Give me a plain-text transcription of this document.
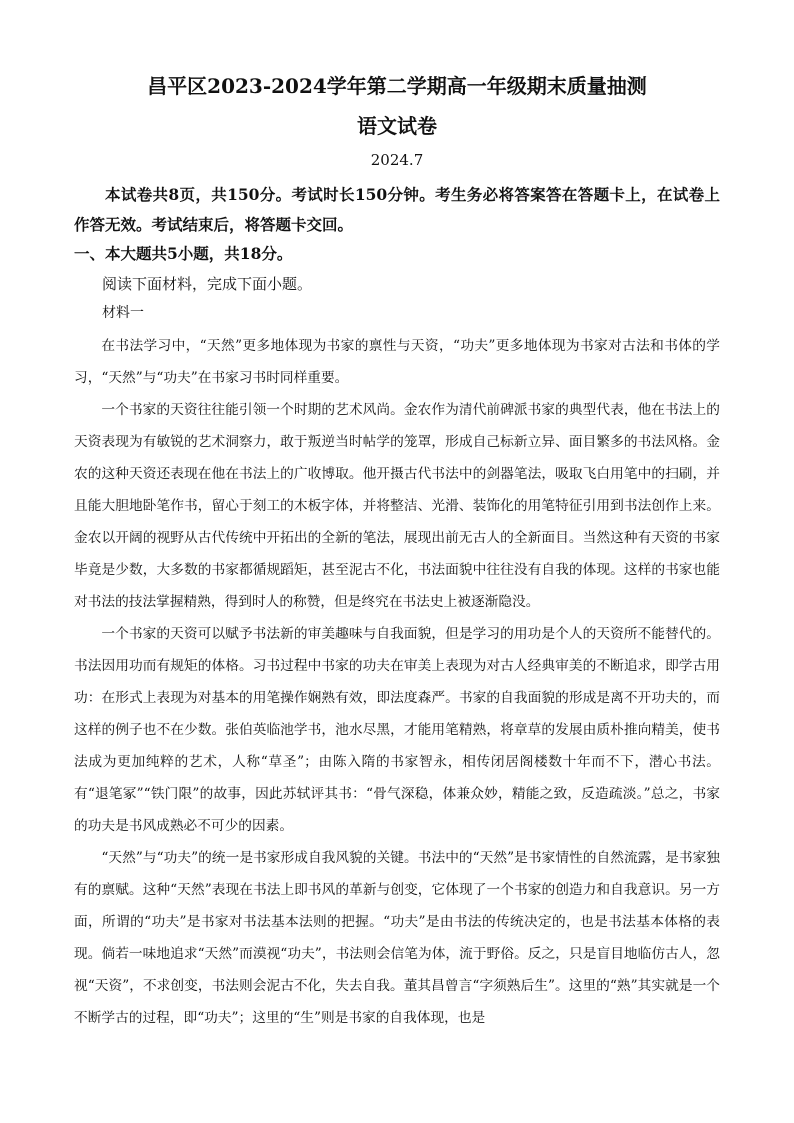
昌平区2023-2024学年第二学期高一年级期末质量抽测
语文试卷
2024.7
本试卷共8页，共150分。考试时长150分钟。考生务必将答案答在答题卡上，在试卷上作答无效。考试结束后，将答题卡交回。
一、本大题共5小题，共18分。
阅读下面材料，完成下面小题。
材料一

在书法学习中，“天然”更多地体现为书家的禀性与天资，“功夫”更多地体现为书家对古法和书体的学习，“天然”与“功夫”在书家习书时同样重要。

一个书家的天资往往能引领一个时期的艺术风尚。金农作为清代前碑派书家的典型代表，他在书法上的天资表现为有敏锐的艺术洞察力，敢于叛逆当时帖学的笼罩，形成自己标新立异、面目繁多的书法风格。金农的这种天资还表现在他在书法上的广收博取。他开摄古代书法中的剑器笔法，吸取飞白用笔中的扫刷，并且能大胆地卧笔作书，留心于刻工的木板字体，并将整洁、光滑、装饰化的用笔特征引用到书法创作上来。金农以开阔的视野从古代传统中开拓出的全新的笔法，展现出前无古人的全新面目。当然这种有天资的书家毕竟是少数，大多数的书家都循规蹈矩，甚至泥古不化，书法面貌中往往没有自我的体现。这样的书家也能对书法的技法掌握精熟，得到时人的称赞，但是终究在书法史上被逐渐隐没。

一个书家的天资可以赋予书法新的审美趣味与自我面貌，但是学习的用功是个人的天资所不能替代的。书法因用功而有规矩的体格。习书过程中书家的功夫在审美上表现为对古人经典审美的不断追求，即学古用功：在形式上表现为对基本的用笔操作娴熟有效，即法度森严。书家的自我面貌的形成是离不开功夫的，而这样的例子也不在少数。张伯英临池学书，池水尽黑，才能用笔精熟，将章草的发展由质朴推向精美，使书法成为更加纯粹的艺术，人称“草圣”；由陈入隋的书家智永，相传闭居阁楼数十年而不下，潜心书法。有“退笔冢”“铁门限”的故事，因此苏轼评其书：“骨气深稳，体兼众妙，精能之致，反造疏淡。”总之，书家的功夫是书风成熟必不可少的因素。

“天然”与“功夫”的统一是书家形成自我风貌的关键。书法中的“天然”是书家情性的自然流露，是书家独有的禀赋。这种“天然”表现在书法上即书风的革新与创变，它体现了一个书家的创造力和自我意识。另一方面，所谓的“功夫”是书家对书法基本法则的把握。“功夫”是由书法的传统决定的，也是书法基本体格的表现。倘若一味地追求“天然”而漠视“功夫”，书法则会信笔为体，流于野俗。反之，只是盲目地临仿古人，忽视“天资”，不求创变，书法则会泥古不化，失去自我。董其昌曾言“字须熟后生”。这里的“熟”其实就是一个不断学古的过程，即“功夫”；这里的“生”则是书家的自我体现，也是
